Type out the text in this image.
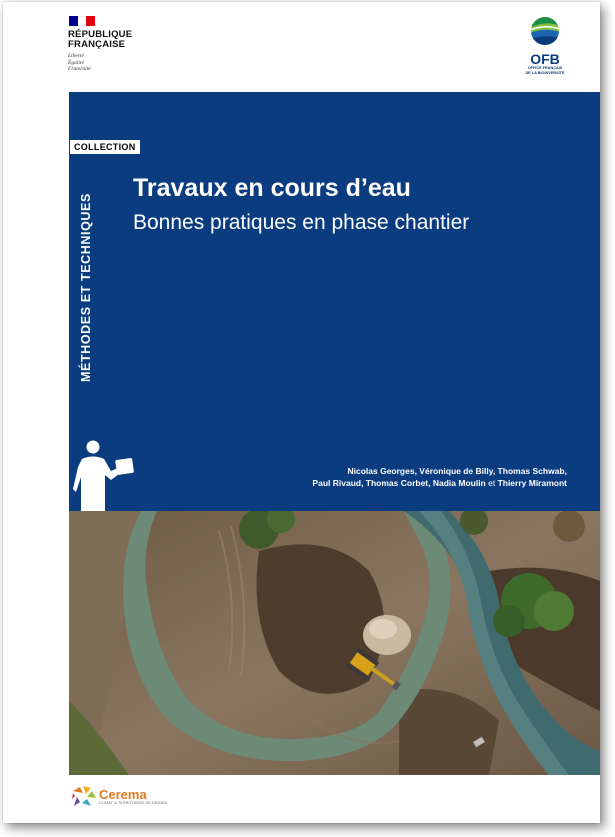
RÉPUBLIQUE
FRANÇAISE
Liberté
Égalité
Fraternité
OFB
OFFICE FRANÇAIS
DE LA BIODIVERSITÉ
COLLECTION
MÉTHODES ET TECHNIQUES
Travaux en cours d’eau
Bonnes pratiques en phase chantier
Nicolas Georges, Véronique de Billy, Thomas Schwab,
Paul Rivaud, Thomas Corbet, Nadia Moulin et Thierry Miramont
Cerema
CLIMAT & TERRITOIRES DE DEMAIN
